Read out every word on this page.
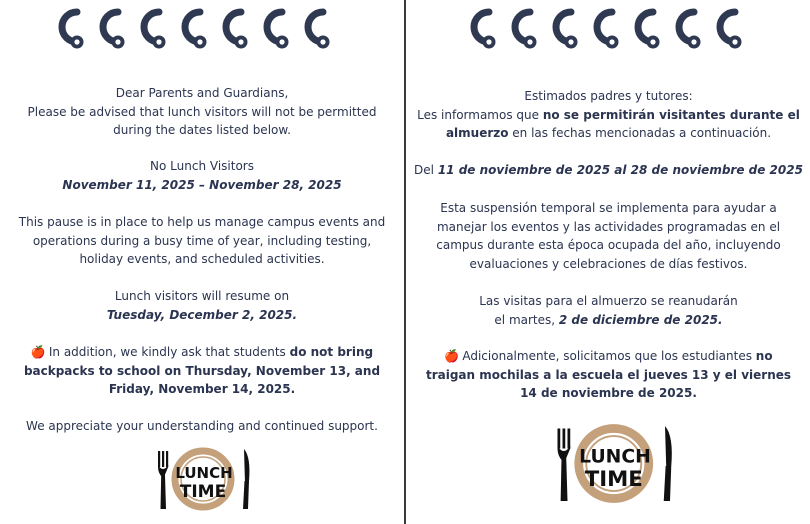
Dear Parents and Guardians,
Please be advised that lunch visitors will not be permitted during the dates listed below.

No Lunch Visitors
November 11, 2025 – November 28, 2025

This pause is in place to help us manage campus events and operations during a busy time of year, including testing, holiday events, and scheduled activities.

Lunch visitors will resume on
Tuesday, December 2, 2025.

🍎 In addition, we kindly ask that students do not bring backpacks to school on Thursday, November 13, and Friday, November 14, 2025.

We appreciate your understanding and continued support.

LUNCH
TIME

Estimados padres y tutores:
Les informamos que no se permitirán visitantes durante el almuerzo en las fechas mencionadas a continuación.

Del 11 de noviembre de 2025 al 28 de noviembre de 2025

Esta suspensión temporal se implementa para ayudar a manejar los eventos y las actividades programadas en el campus durante esta época ocupada del año, incluyendo evaluaciones y celebraciones de días festivos.

Las visitas para el almuerzo se reanudarán
el martes, 2 de diciembre de 2025.

🍎 Adicionalmente, solicitamos que los estudiantes no traigan mochilas a la escuela el jueves 13 y el viernes 14 de noviembre de 2025.

LUNCH
TIME
